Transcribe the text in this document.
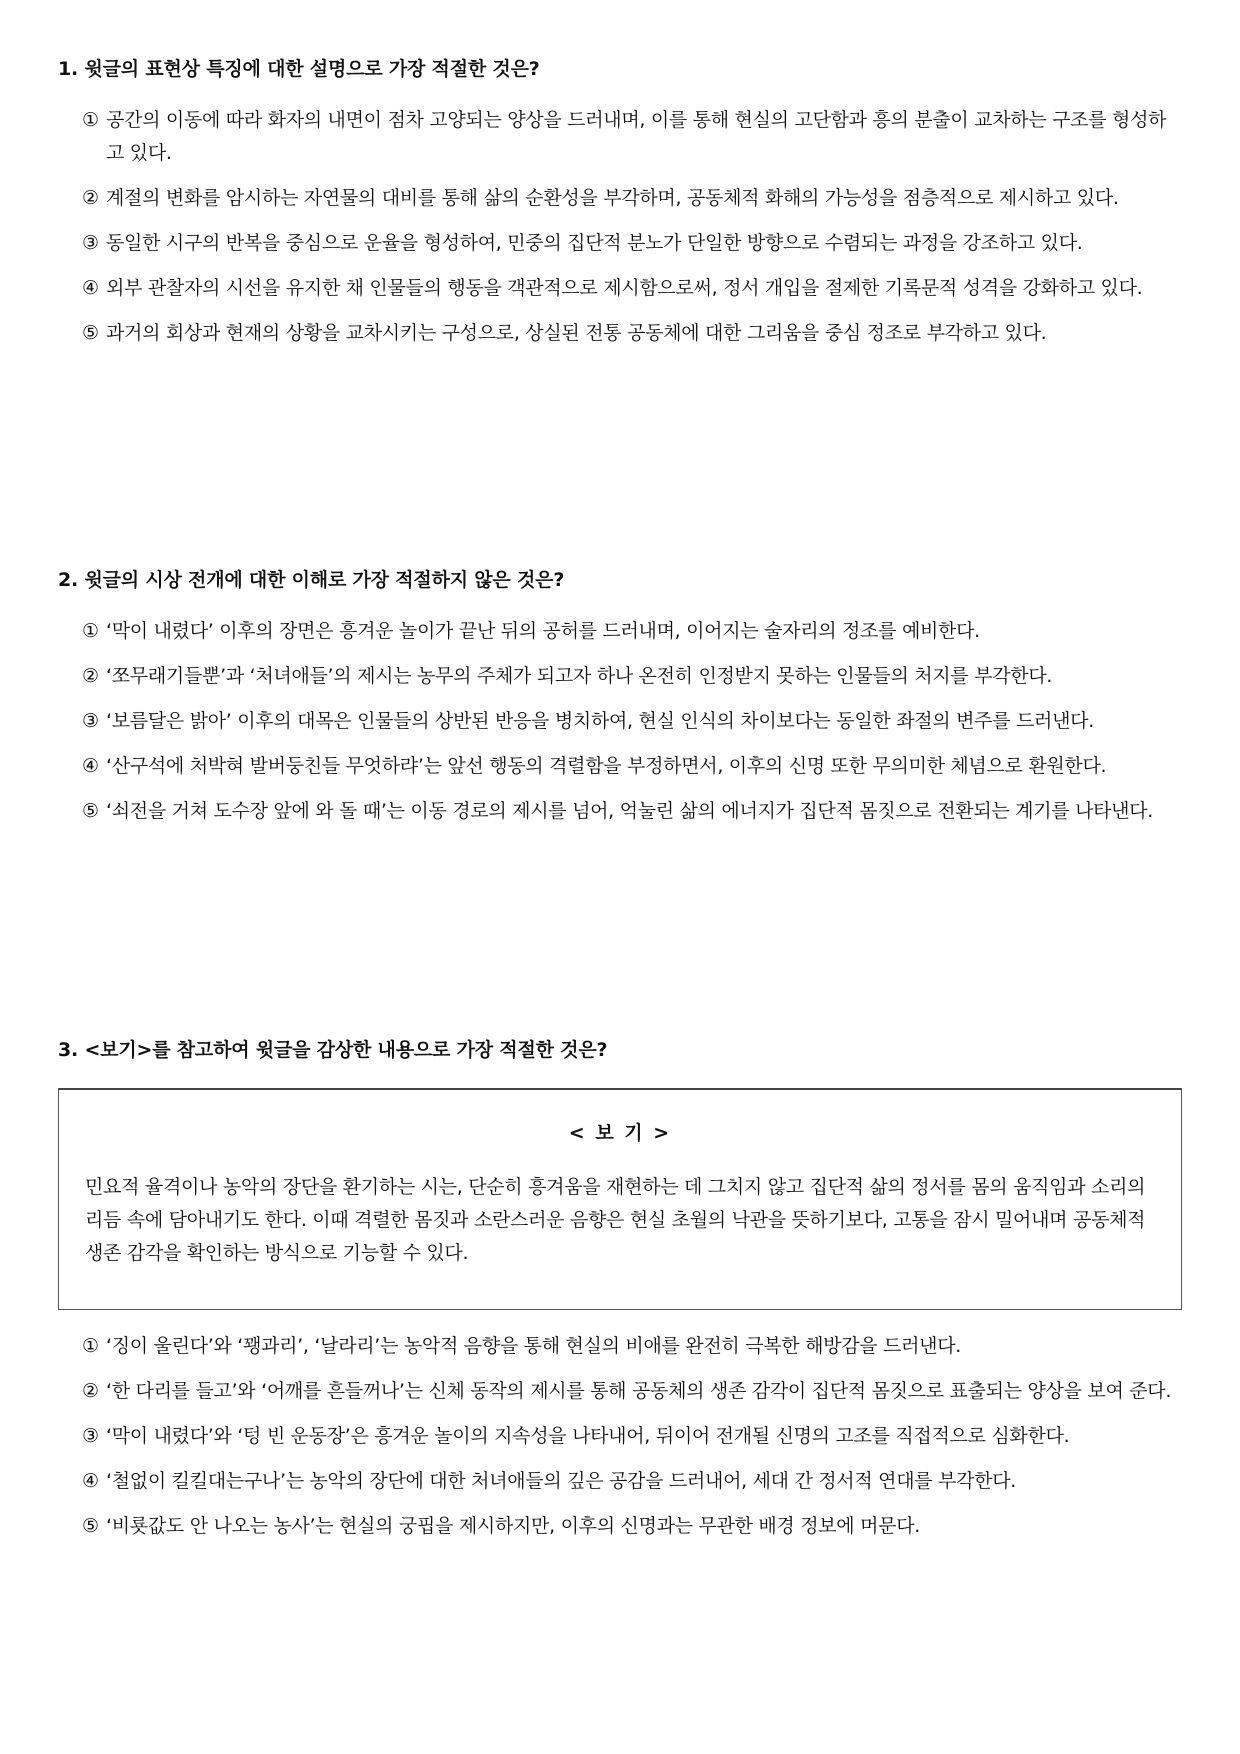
1. 윗글의 표현상 특징에 대한 설명으로 가장 적절한 것은?

① 공간의 이동에 따라 화자의 내면이 점차 고양되는 양상을 드러내며, 이를 통해 현실의 고단함과 흥의 분출이 교차하는 구조를 형성하고 있다.
② 계절의 변화를 암시하는 자연물의 대비를 통해 삶의 순환성을 부각하며, 공동체적 화해의 가능성을 점층적으로 제시하고 있다.
③ 동일한 시구의 반복을 중심으로 운율을 형성하여, 민중의 집단적 분노가 단일한 방향으로 수렴되는 과정을 강조하고 있다.
④ 외부 관찰자의 시선을 유지한 채 인물들의 행동을 객관적으로 제시함으로써, 정서 개입을 절제한 기록문적 성격을 강화하고 있다.
⑤ 과거의 회상과 현재의 상황을 교차시키는 구성으로, 상실된 전통 공동체에 대한 그리움을 중심 정조로 부각하고 있다.

2. 윗글의 시상 전개에 대한 이해로 가장 적절하지 않은 것은?

① ‘막이 내렸다’ 이후의 장면은 흥겨운 놀이가 끝난 뒤의 공허를 드러내며, 이어지는 술자리의 정조를 예비한다.
② ‘쪼무래기들뿐’과 ‘처녀애들’의 제시는 농무의 주체가 되고자 하나 온전히 인정받지 못하는 인물들의 처지를 부각한다.
③ ‘보름달은 밝아’ 이후의 대목은 인물들의 상반된 반응을 병치하여, 현실 인식의 차이보다는 동일한 좌절의 변주를 드러낸다.
④ ‘산구석에 처박혀 발버둥친들 무엇하랴’는 앞선 행동의 격렬함을 부정하면서, 이후의 신명 또한 무의미한 체념으로 환원한다.
⑤ ‘쇠전을 거쳐 도수장 앞에 와 돌 때’는 이동 경로의 제시를 넘어, 억눌린 삶의 에너지가 집단적 몸짓으로 전환되는 계기를 나타낸다.

3. <보기>를 참고하여 윗글을 감상한 내용으로 가장 적절한 것은?

< 보 기 >
민요적 율격이나 농악의 장단을 환기하는 시는, 단순히 흥겨움을 재현하는 데 그치지 않고 집단적 삶의 정서를 몸의 움직임과 소리의 리듬 속에 담아내기도 한다. 이때 격렬한 몸짓과 소란스러운 음향은 현실 초월의 낙관을 뜻하기보다, 고통을 잠시 밀어내며 공동체적 생존 감각을 확인하는 방식으로 기능할 수 있다.
① ‘징이 울린다’와 ‘꽹과리’, ‘날라리’는 농악적 음향을 통해 현실의 비애를 완전히 극복한 해방감을 드러낸다.
② ‘한 다리를 들고’와 ‘어깨를 흔들꺼나’는 신체 동작의 제시를 통해 공동체의 생존 감각이 집단적 몸짓으로 표출되는 양상을 보여 준다.
③ ‘막이 내렸다’와 ‘텅 빈 운동장’은 흥겨운 놀이의 지속성을 나타내어, 뒤이어 전개될 신명의 고조를 직접적으로 심화한다.
④ ‘철없이 킬킬대는구나’는 농악의 장단에 대한 처녀애들의 깊은 공감을 드러내어, 세대 간 정서적 연대를 부각한다.
⑤ ‘비룟값도 안 나오는 농사’는 현실의 궁핍을 제시하지만, 이후의 신명과는 무관한 배경 정보에 머문다.
